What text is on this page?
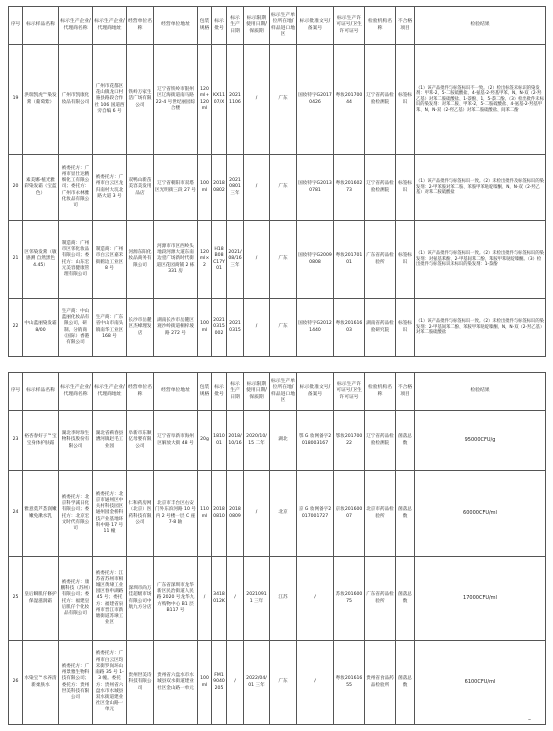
序号	标示样品名称	标示生产企业/代理商名称	标示生产企业/代理商地址	经营单位名称	经营单位地址	包装规格	标示批号	标示生产日期	标示限期使用日期/保质期	标示生产单位所在地/样品进口地区	标示批准文号/备案号	标示生产许可证号/卫生许可证号	检验机构名称	不合格项目	检验结果
19	洪瑞凯虎™染发膏（葡萄紫）	广州市凯康化妆品有限公司	广州市花都区花山镇龙口村骆县路段合作社 106 国道西旁自编 6 号	铁岭万家生活广场有限公司	辽宁省铁岭市银州区辽海街道南马路 22-4 号世纪丽园综合楼	120ml+120ml	KX1107/X	20211106	/	广东	国妆特字G20170426	粤妆20170044	辽宁省药品检验检测院	标签标识	（1）该产品批件与标签标识不一致。（2）检出标签未标识的染发剂：甲苯-2，5-二胺硫酸盐、4-氨基-2-羟基甲苯、N，N-双（2-羟乙基）对苯二胺硫酸盐、1-萘酚、1，5-萘二酚。（3）检出批件未标识的染发剂：对苯二胺、甲苯-2，5-二胺硫酸盐、4-氨基-2-羟基甲苯、N，N-双（2-羟乙基）对苯二胺硫酸盐、间苯二酚
20	素美娜·植光雅彩染发霜（宝蓝色）	被委托方：广州市显仕达精细化工有限公司；委托方：广州市永林雅化妆品有限公司	被委托方：广州市白云区龙归南村大坑北路大道 3 号	双鸭山新苗美容美发用品店	辽宁省朝阳市双塔区光明街三段 27 号	100ml	20180802	20210801 三年	/	广东	国妆特字G20130781	粤妆20160273	辽宁省药品检验检测院	标签标识	（1）该产品批件与标签标识一致。（2）未检出批件及标签标识的染发剂：2-甲苯胺对苯二胺、苯胺甲苯哒啶嗪酮、N，N-双（2-羟乙基）对苯二胺硫酸盐
21	区邻染发膏（敏感测 自然黑色 4.45）	制造商：广州市区邻化妆品有限公司；委托方：山东宏元美容健康管理有限公司	制造商：广州市白云区嘉禾街鹤边工业区 8 号	河源东阳化妆品商务有限公司	河源市市区西岭头地段河源大道东南边壹广场新时代街道区花园商铺 2 栋 331 房	120ml×2	H18B08C17Y01	2021/08/16 三年	/	广东	国妆特字G20090808	粤妆20170101	广东省药品检验所	标签标识	（1）该产品批件与标签标识一致。（2）未检出批件与标签标识的染发剂：对氨基苯酚、2-甲基间苯二酚、苯胺甲苯哒啶嗪酮。（3）检出批件与标签标识未标识的染发剂：1-萘酚
22	中山蓝丽染发霜 8/00	生产商：中山蓝丽化妆品有限公司，研制、分销商（国际）香港有限公司	生产商：广东省中山市南头镇南华工业区 168 号	长沙市岳麓区杰峰理发店	湖南长沙市岳麓区观沙岭街道桐梓坡路 272 号	100ml	20210315002	20210315	/	广东	国妆特字G20121440	粤妆20161603	湖南省药品检验研究院	标签标识	（1）该产品批件与标签标识一致。（2）未检出批件与标签标识的染发剂：2-甲基间苯二酚、苯胺甲苯哒啶嗪酮、N，N-双（2-羟乙基）对苯二胺硫酸盐
序号	标示样品名称	标示生产企业/代理商名称	标示生产企业/代理商地址	经营单位名称	经营单位地址	包装规格	标示批号	标示生产日期	标示限期使用日期/保质期	标示生产单位所在地/样品进口地区	标示批准文号/备案号	标示生产许可证号/卫生许可证号	检验机构名称	不合格项目	检验结果
23	裕杏春好子™宝宝身体护肤霜	湖北李时珍生物科技股份有限公司	湖北省蕲春县漕河镇赵毛工业园	阜新市东顺亿母婴有限公司	辽宁省阜新市海州区解放大街 48 号	20g	181001	2018/10/16	2020/10/15 二年	湖北	鄂 G 妆网备字2018003167	鄂妆20170022	辽宁省药品检验检测院	菌落总数	95000CFU/g
24	雅意莫芦荟润嫩嫩免漱水乳	被委托方：北京科学减日化有限公司；委托方：北京宏文时代有限公司	被委托方：北京市通州区中关村科技园区通州园金桥科技产业基地环科中路 17 号 11 幢	仁和药房网（北京）医药科技有限公司	北京市丰台区右安门外东滨河路 10 号内 2 号楼一层 C 座 7-8 轴	110ml	20180810	20180809	/	北京	京 G 妆网备字2017001727	京妆20160007	北京市药品检验所	菌落总数	60000CFU/ml
25	皇后瞬肌仔修护保湿滋润霜	被委托方：康鹏科技（苏州）有限公司；委托方：福建皇后肌仔个化妆品有限公司	被委托方：江苏省苏州市相城区黄埭工业园区春申湖路 45 号；委托方：福建省泉州市晋江市新塘街道苏埭工业区	深圳市尚万佳超级市场有限公司中航九方分店	广东省深圳市龙华新区民治街道人民路 2020 号龙华九方购物中心 B1 层 B117 号	/	3418012K	/	20210911 三年	江苏	/	苏妆20160075	广东省药品检验所	菌落总数	17000CFU/ml
26	水染宝™水养清新柔肤水	被委托方：广州景雅生物科技有限公司；委托方：贵州世美科技有限公司	被委托方：广州市白云区均禾街罗岗环山南路 35 号 1-3 幢。委托方：贵州省六盘水市水城县双水街道建业社区金山路一单元	贵州世美诗科技有限公司	贵州省六盘水市水城县双水街道建业社区金山路一单元	100ml	FM19040205	/	2022/04/01 三年	广东	/	粤妆20161655	贵州省食品药品检验所	菌落总数	6100CFU/ml
–
